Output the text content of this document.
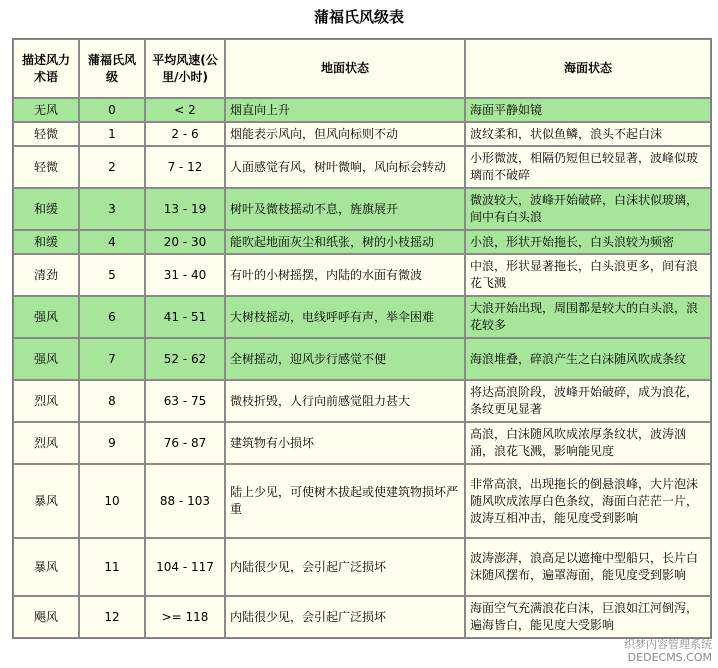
蒲福氏风级表
描述风力术语	蒲福氏风级	平均风速(公里/小时)	地面状态	海面状态
无风	0	< 2	烟直向上升	海面平静如镜
轻微	1	2 - 6	烟能表示风向，但风向标则不动	波纹柔和，状似鱼鳞，浪头不起白沫
轻微	2	7 - 12	人面感觉有风，树叶微响，风向标会转动	小形微波，相隔仍短但已较显著，波峰似玻璃而不破碎
和缓	3	13 - 19	树叶及微枝摇动不息，旌旗展开	微波较大，波峰开始破碎，白沫状似玻璃，间中有白头浪
和缓	4	20 - 30	能吹起地面灰尘和纸张，树的小枝摇动	小浪，形状开始拖长，白头浪较为频密
清劲	5	31 - 40	有叶的小树摇摆，内陆的水面有微波	中浪，形状显著拖长，白头浪更多，间有浪花飞溅
强风	6	41 - 51	大树枝摇动，电线呼呼有声，举伞困难	大浪开始出现，周围都是较大的白头浪，浪花较多
强风	7	52 - 62	全树摇动，迎风步行感觉不便	海浪堆叠，碎浪产生之白沫随风吹成条纹
烈风	8	63 - 75	微枝折毁，人行向前感觉阻力甚大	将达高浪阶段，波峰开始破碎，成为浪花，条纹更见显著
烈风	9	76 - 87	建筑物有小损坏	高浪，白沫随风吹成浓厚条纹状，波涛汹涌，浪花飞溅，影响能见度
暴风	10	88 - 103	陆上少见，可使树木拔起或使建筑物损坏严重	非常高浪，出现拖长的倒悬浪峰，大片泡沫随风吹成浓厚白色条纹，海面白茫茫一片，波涛互相冲击，能见度受到影响
暴风	11	104 - 117	内陆很少见，会引起广泛损坏	波涛澎湃，浪高足以遮掩中型船只，长片白沫随风摆布，遍罩海面，能见度受到影响
飓风	12	>= 118	内陆很少见，会引起广泛损坏	海面空气充满浪花白沫，巨浪如江河倒泻，遍海皆白，能见度大受影响
织梦内容管理系统
DEDECMS.COM
